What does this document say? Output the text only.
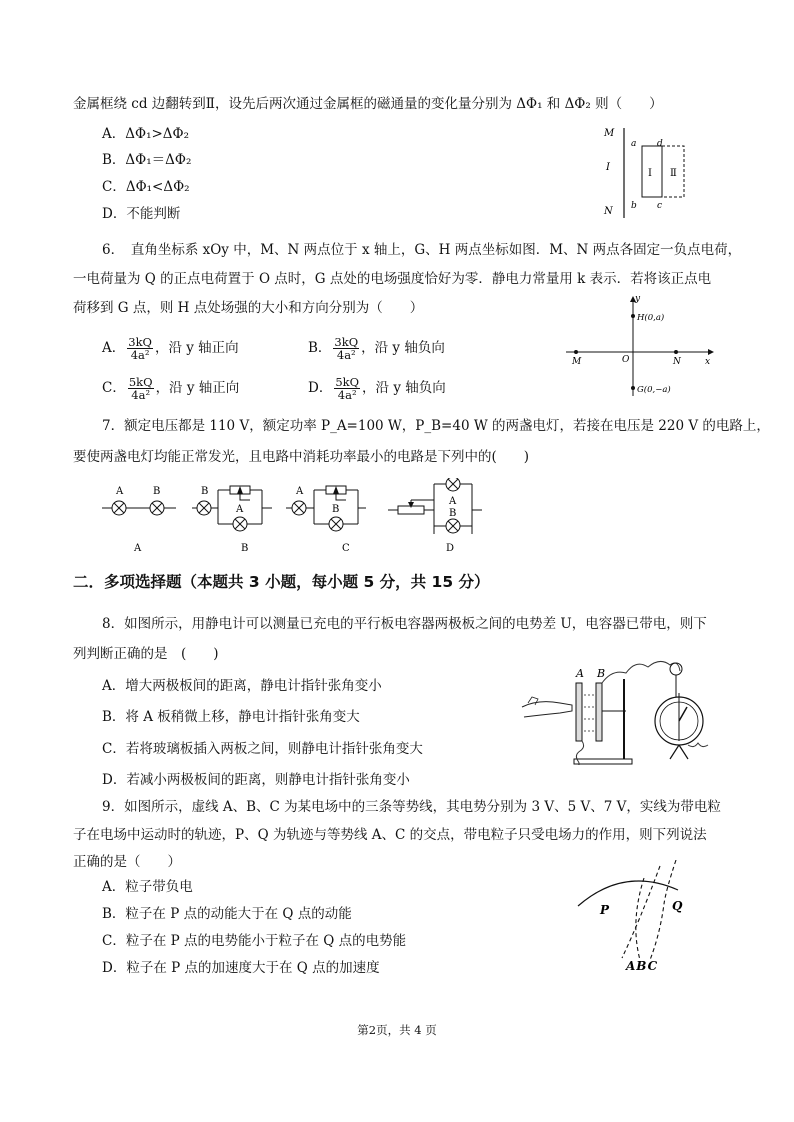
金属框绕 cd 边翻转到Ⅱ，设先后两次通过金属框的磁通量的变化量分别为 ΔΦ₁ 和 ΔΦ₂ 则（　　）
A．ΔΦ₁>ΔΦ₂
B．ΔΦ₁＝ΔΦ₂
C．ΔΦ₁<ΔΦ₂
D．不能判断
M
I
N
a d
b c
Ⅰ Ⅱ
6．　直角坐标系 xOy 中，M、N 两点位于 x 轴上，G、H 两点坐标如图．M、N 两点各固定一负点电荷，
一电荷量为 Q 的正点电荷置于 O 点时，G 点处的电场强度恰好为零．静电力常量用 k 表示．若将该正点电
荷移到 G 点，则 H 点处场强的大小和方向分别为（　　）
A． $\frac{3kQ}{\text{4a²}}$ ，沿 y 轴正向	B． $\frac{3kQ}{\text{4a²}}$ ，沿 y 轴负向
C． $\frac{5kQ}{\text{4a²}}$ ，沿 y 轴正向	D． $\frac{5kQ}{\text{4a²}}$ ，沿 y 轴负向
y
x
H(0,a)
G(0,−a)
M	O	N
7．额定电压都是 110 V，额定功率 P_A=100 W，P_B=40 W 的两盏电灯，若接在电压是 220 V 的电路上，
要使两盏电灯均能正常发光，且电路中消耗功率最小的电路是下列中的(　　)
A	B
A
B
A
B
A
B
C
A
B
D
二．多项选择题（本题共 3 小题，每小题 5 分，共 15 分）
8．如图所示，用静电计可以测量已充电的平行板电容器两极板之间的电势差 U，电容器已带电，则下
列判断正确的是　(　　)
A．增大两极板间的距离，静电计指针张角变小
B．将 A 板稍微上移，静电计指针张角变大
C．若将玻璃板插入两板之间，则静电计指针张角变大
D．若减小两极板间的距离，则静电计指针张角变小
A B
9．如图所示，虚线 A、B、C 为某电场中的三条等势线，其电势分别为 3 V、5 V、7 V，实线为带电粒
子在电场中运动时的轨迹，P、Q 为轨迹与等势线 A、C 的交点，带电粒子只受电场力的作用，则下列说法
正确的是（　　）
A．粒子带负电
B．粒子在 P 点的动能大于在 Q 点的动能
C．粒子在 P 点的电势能小于粒子在 Q 点的电势能
D．粒子在 P 点的加速度大于在 Q 点的加速度
P	Q
ABC
第2页，共 4 页
